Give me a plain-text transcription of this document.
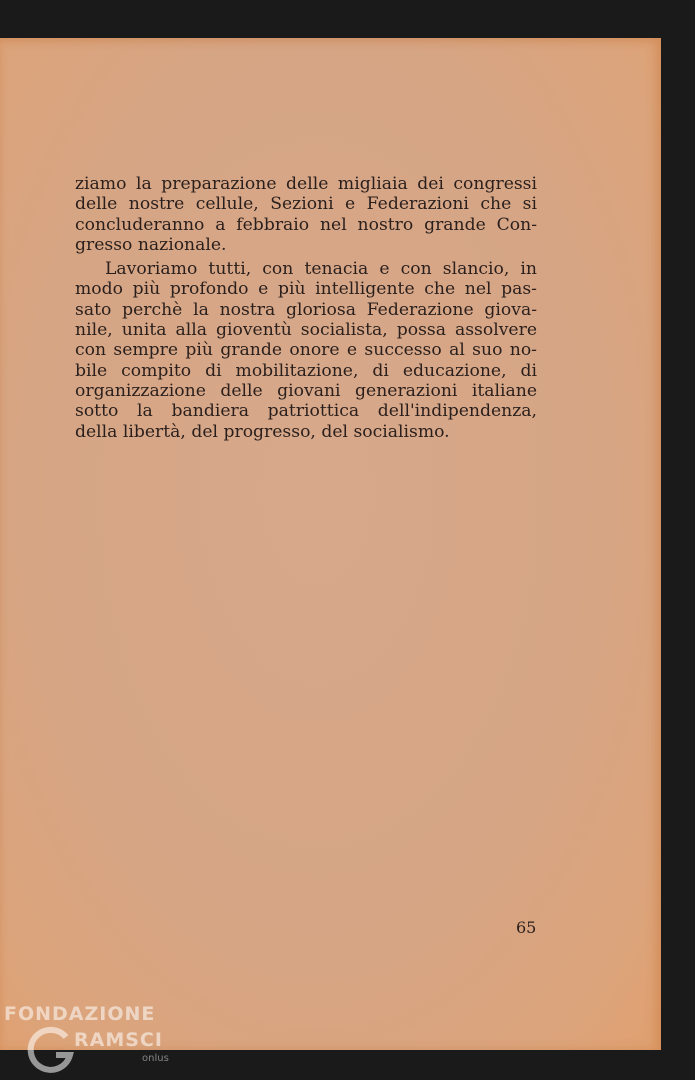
ziamo la preparazione delle migliaia dei congressi
delle nostre cellule, Sezioni e Federazioni che si
concluderanno a febbraio nel nostro grande Con-
gresso nazionale.

Lavoriamo tutti, con tenacia e con slancio, in
modo più profondo e più intelligente che nel pas-
sato perchè la nostra gloriosa Federazione giova-
nile, unita alla gioventù socialista, possa assolvere
con sempre più grande onore e successo al suo no-
bile compito di mobilitazione, di educazione, di
organizzazione delle giovani generazioni italiane
sotto la bandiera patriottica dell'indipendenza,
della libertà, del progresso, del socialismo.

65
FONDAZIONE
RAMSCI
onlus
